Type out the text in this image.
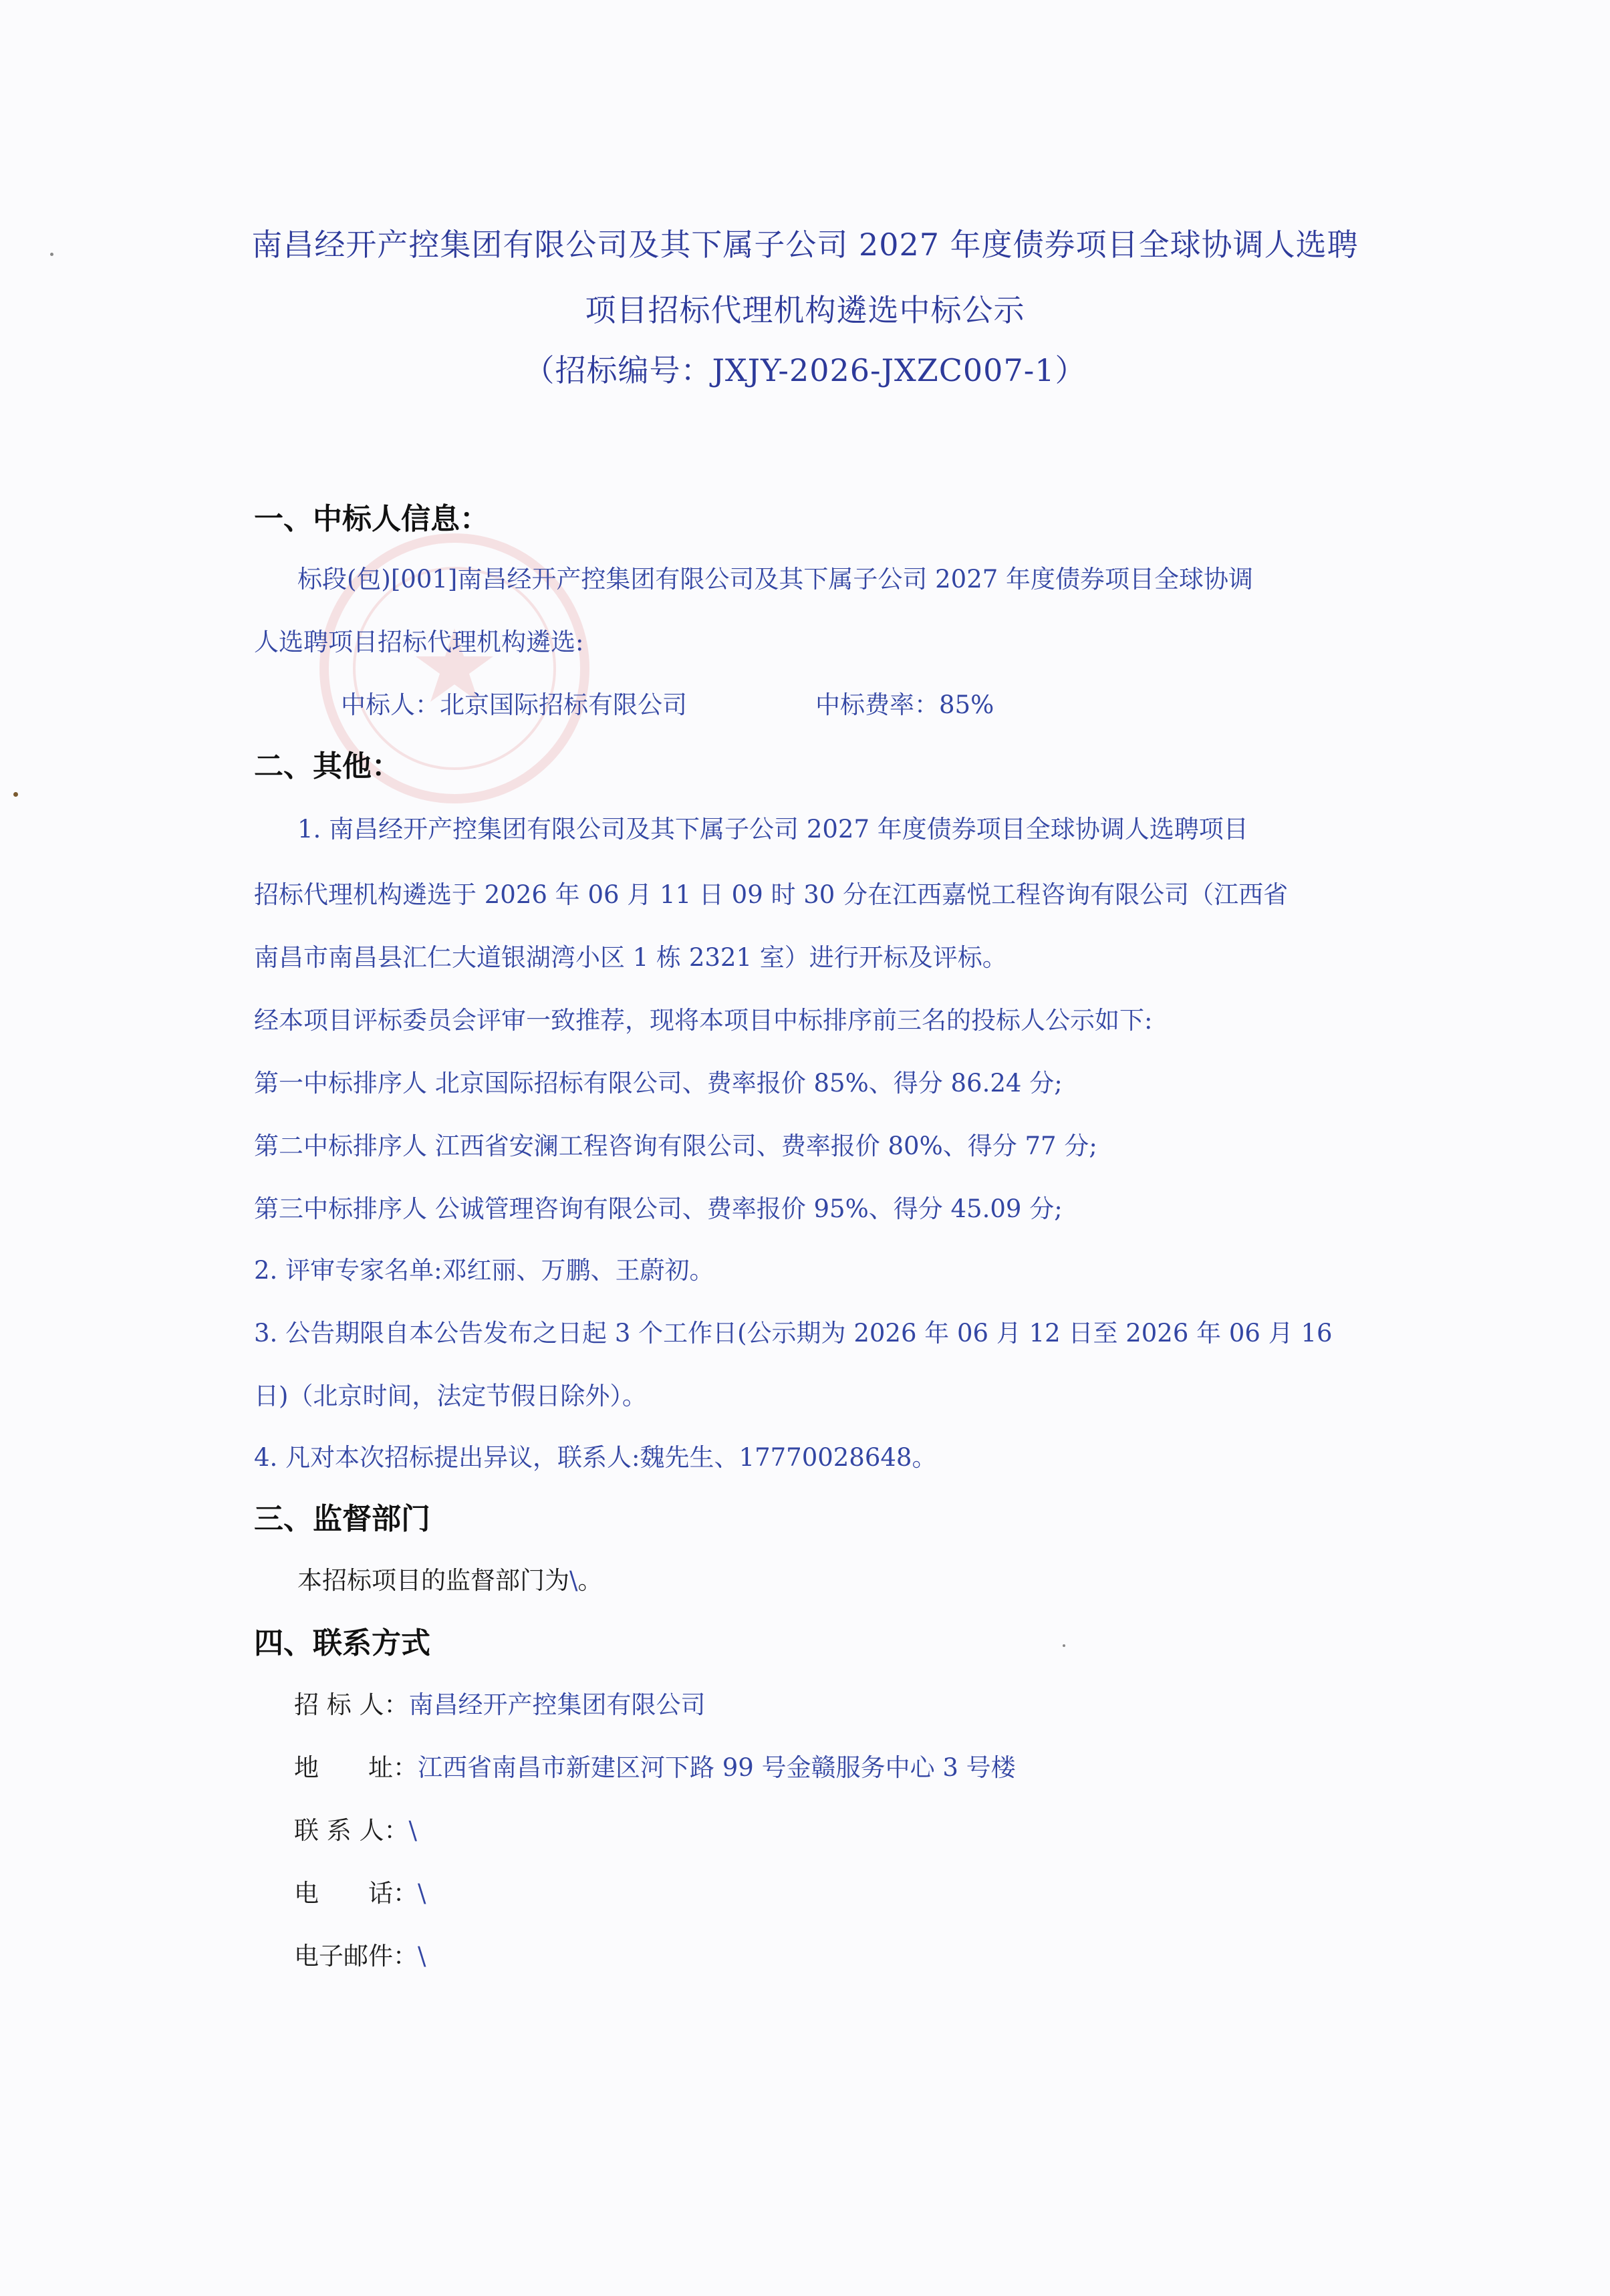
南昌经开产控集团有限公司及其下属子公司 2027 年度债券项目全球协调人选聘
项目招标代理机构遴选中标公示
（招标编号：JXJY-2026-JXZC007-1）
一、中标人信息：
标段(包)[001]南昌经开产控集团有限公司及其下属子公司 2027 年度债券项目全球协调
人选聘项目招标代理机构遴选:
中标人：北京国际招标有限公司	中标费率：85%
二、其他：
1. 南昌经开产控集团有限公司及其下属子公司 2027 年度债券项目全球协调人选聘项目
招标代理机构遴选于 2026 年 06 月 11 日 09 时 30 分在江西嘉悦工程咨询有限公司（江西省
南昌市南昌县汇仁大道银湖湾小区 1 栋 2321 室）进行开标及评标。
经本项目评标委员会评审一致推荐，现将本项目中标排序前三名的投标人公示如下:
第一中标排序人 北京国际招标有限公司、费率报价 85%、得分 86.24 分;
第二中标排序人 江西省安澜工程咨询有限公司、费率报价 80%、得分 77 分;
第三中标排序人 公诚管理咨询有限公司、费率报价 95%、得分 45.09 分;
2. 评审专家名单:邓红丽、万鹏、王蔚初。
3. 公告期限自本公告发布之日起 3 个工作日(公示期为 2026 年 06 月 12 日至 2026 年 06 月 16
日)（北京时间，法定节假日除外）。
4. 凡对本次招标提出异议，联系人:魏先生、17770028648。
三、监督部门
本招标项目的监督部门为\。
四、联系方式
招 标 人：南昌经开产控集团有限公司
地　　址：江西省南昌市新建区河下路 99 号金赣服务中心 3 号楼
联 系 人：\
电　　话：\
电子邮件：\
